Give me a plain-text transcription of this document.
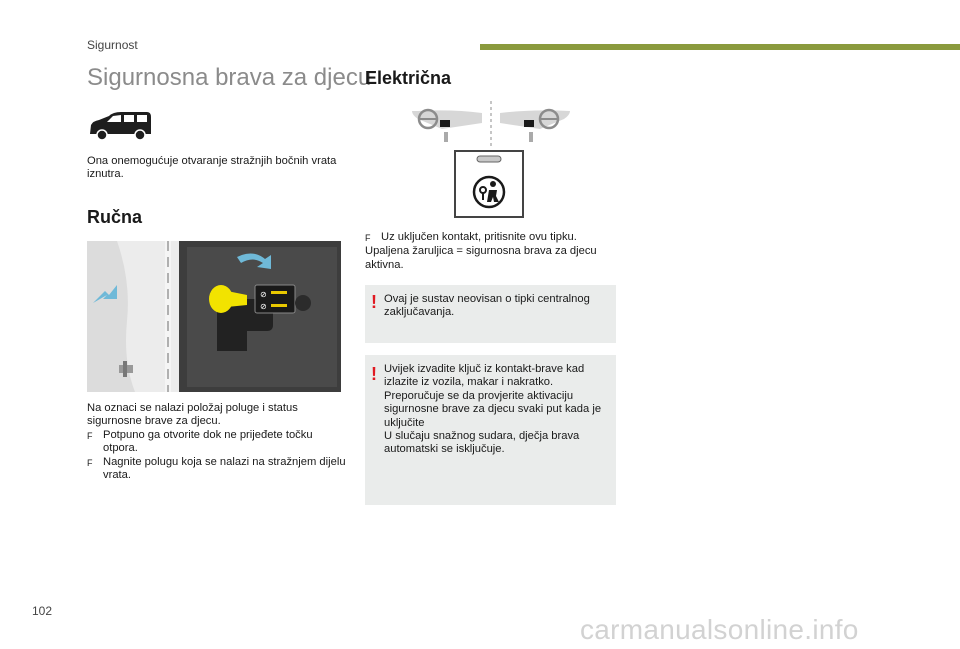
Sigurnost
Sigurnosna brava za djecu
Ona onemogućuje otvaranje stražnjih bočnih vrata iznutra.
Ručna
⊘
⊘
Na oznaci se nalazi položaj poluge i status sigurnosne brave za djecu.
F Potpuno ga otvorite dok ne prijeđete točku otpora.
F Nagnite polugu koja se nalazi na stražnjem dijelu vrata.
Električna
F Uz uključen kontakt, pritisnite ovu tipku.
Upaljena žaruljica = sigurnosna brava za djecu aktivna.
! Ovaj je sustav neovisan o tipki centralnog zaključavanja.
! Uvijek izvadite ključ iz kontakt-brave kad izlazite iz vozila, makar i nakratko.
Preporučuje se da provjerite aktivaciju sigurnosne brave za djecu svaki put kada je uključite
U slučaju snažnog sudara, dječja brava automatski se isključuje.
102
carmanualsonline.info
